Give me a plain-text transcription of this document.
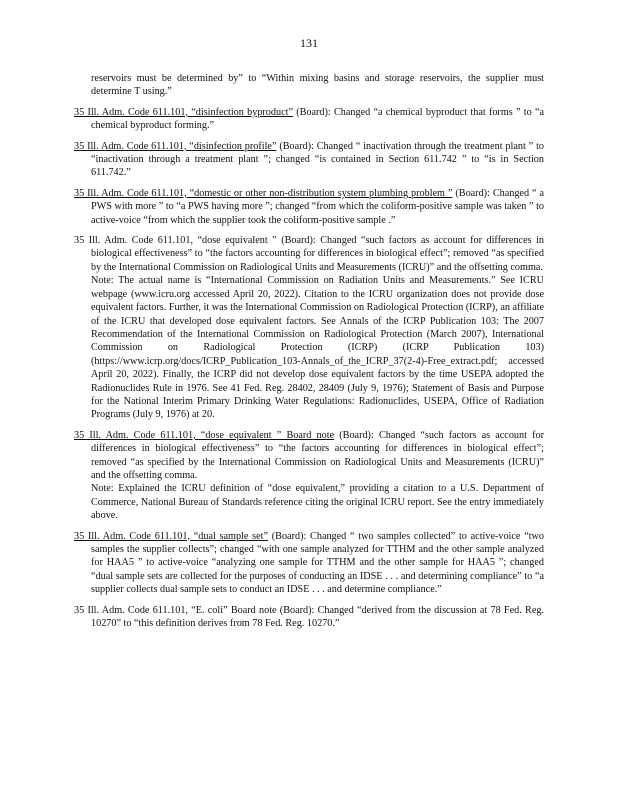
131

reservoirs must be determined by” to “Within mixing basins and storage reservoirs, the supplier must determine T using.”

35 Ill. Adm. Code 611.101, “disinfection byproduct” (Board): Changed “a chemical byproduct that forms ” to “a chemical byproduct forming.”

35 Ill. Adm. Code 611.101, “disinfection profile” (Board): Changed “ inactivation through the treatment plant ” to “inactivation through a treatment plant ”; changed “is contained in Section 611.742 ” to “is in Section 611.742.”

35 Ill. Adm. Code 611.101, “domestic or other non-distribution system plumbing problem ” (Board): Changed “ a PWS with more ” to “a PWS having more ”; changed “from which the coliform-positive sample was taken ” to active-voice “from which the supplier took the coliform-positive sample .”

35 Ill. Adm. Code 611.101, “dose equivalent ” (Board): Changed “such factors as account for differences in biological effectiveness” to “the factors accounting for differences in biological effect”; removed “as specified by the International Commission on Radiological Units and Measurements (ICRU)” and the offsetting comma.
Note: The actual name is “International Commission on Radiation Units and Measurements.” See ICRU webpage (www.icru.org accessed April 20, 2022). Citation to the ICRU organization does not provide dose equivalent factors. Further, it was the International Commission on Radiological Protection (ICRP), an affiliate of the ICRU that developed dose equivalent factors. See Annals of the ICRP Publication 103: The 2007 Recommendation of the International Commission on Radiological Protection (March 2007), International Commission on Radiological Protection (ICRP) (ICRP Publication 103) (https://www.icrp.org/docs/ICRP_Publication_103-Annals_of_the_ICRP_37(2-4)-Free_extract.pdf; accessed April 20, 2022). Finally, the ICRP did not develop dose equivalent factors by the time USEPA adopted the Radionuclides Rule in 1976. See 41 Fed. Reg. 28402, 28409 (July 9, 1976); Statement of Basis and Purpose for the National Interim Primary Drinking Water Regulations: Radionuclides, USEPA, Office of Radiation Programs (July 9, 1976) at 20.

35 Ill. Adm. Code 611.101, “dose equivalent ” Board note (Board): Changed “such factors as account for differences in biological effectiveness” to “the factors accounting for differences in biological effect”; removed “as specified by the International Commission on Radiological Units and Measurements (ICRU)” and the offsetting comma.
Note: Explained the ICRU definition of “dose equivalent,” providing a citation to a U.S. Department of Commerce, National Bureau of Standards reference citing the original ICRU report. See the entry immediately above.

35 Ill. Adm. Code 611.101, “dual sample set” (Board): Changed “ two samples collected” to active-voice “two samples the supplier collects”; changed “with one sample analyzed for TTHM and the other sample analyzed for HAA5 ” to active-voice “analyzing one sample for TTHM and the other sample for HAA5 ”; changed “dual sample sets are collected for the purposes of conducting an IDSE . . . and determining compliance” to “a supplier collects dual sample sets to conduct an IDSE . . . and determine compliance.”

35 Ill. Adm. Code 611.101, “E. coli” Board note (Board): Changed “derived from the discussion at 78 Fed. Reg. 10270” to “this definition derives from 78 Fed. Reg. 10270.”
